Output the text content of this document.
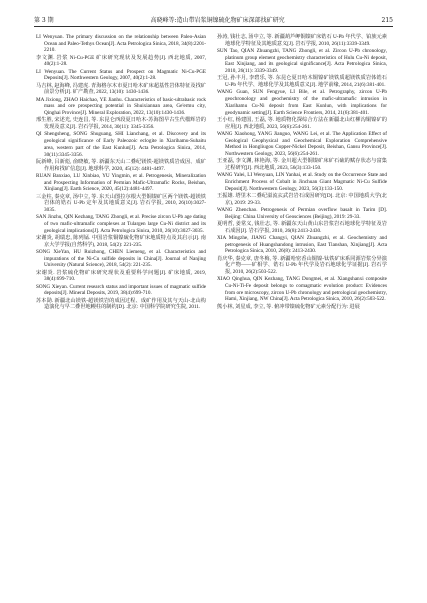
第 3 期	高晓峰等:造山带岩浆铜镍硫化物矿床深部找矿研究	215

LI Wenyuan. The primary discussion on the relationship between Paleo-Asian Ocean and Paleo-Tethys Ocean[J]. Acta Petrologica Sinica, 2018, 34(8):2201-2210.

李文渊. 岩浆 Ni-Cu-PGE 矿床研究现状及发展趋势[J]. 西北地质, 2007, 40(2):1-28.

LI Wenyuan. The Current Status and Prospect on Magmatic Ni-Cu-PGE Deposits[J]. Northwestern Geology, 2007, 40(2):1-28.

马吉林, 赵海峰, 冯建虎. 青海格尔木市夏日哈木矿床超基性岩体特征及找矿前景分析[J]. 矿产勘查, 2022, 13(10): 1430-1436.

MA Jixiong, ZHAO Haichao, YE Jianhu. Characteristics of basic-ultrabasic rock mass and ore prospecting potential in Shuixiannan area, Ge'ermu city, Qinghai Province[J]. Mineral Exploration, 2022, 13(10):1430-1436.

邢生胜, 宋述光, 史连昌, 等. 东昆仑西段夏日哈木-苏海图早古生代榴辉岩的发现及意义[J]. 岩石学报, 2014, 30(11): 3345-3356.

QI Shengsheng, SONG Shuguang, SHI Lianchang, et al. Discovery and its geological significance of Early Paleozoic eclogite in Xiarihamu-Suhaitu area, western part of the East Kunlun[J]. Acta Petrologica Sinica, 2014, 30(11):3345-3356.

阮新峰, 吕新彪, 俞晓敏, 等. 新疆东天山二叠纪镁铁-超镁铁质岩成因、成矿作用和找矿信息[J]. 地球科学, 2020, 45(12): 4481-4497.

RUAN Banxiao, LU Xinbiao, YU Yingmin, et al. Petrogenesis, Mineralization and Prospecting Information of Permian Mafic-Ultramafic Rocks, Beishan, Xinjiang[J]. Earth Science, 2020, 45(12):4481-4497.

三金柱, 秦克章, 汤中立, 等. 东天山图拉尔根大型铜镍矿区两个镁铁-超镁铁岩体的锆石 U-Pb 定年及其地质意义[J]. 岩石学报, 2010, 26(10):3027-3035.

SAN Jinzhu, QIN Kezhang, TANG Zhongli, et al. Precise zircon U-Pb age dating of two mafic-ultramafic complexes at Tulargen large Cu-Ni district and its geological implications[J]. Acta Petrologica Sinica, 2010, 26(10):3027-3035.

宋谢炎, 胡瑞忠, 陈列锰. 中国岩浆铜镍硫化物矿床地质特点及其启示[J]. 南京大学学报(自然科学), 2018, 54(2): 221-235.

SONG XieYan, HU Ruizhong, CHEN Liemeng, et al. Characteristics and impurations of the Ni-Cu sulfide deposits in China[J]. Journal of Nanjing University (Natural Science), 2018, 54(2): 221-235.

宋谢炎. 岩浆硫化物矿床研究现状及重要科学问题[J]. 矿床地质, 2019, 38(4):699-710.

SONG Xieyan. Current research status and important issues of magmatic sulfide deposits[J]. Mineral Deposits, 2019, 38(4):699-710.

苏本勋. 新疆北山镁铁-超镁铁岩的成因过程、成矿作用及其与天山-北山构造演化与早二叠世地幔柱的制约[D]. 北京: 中国科学院研究生院, 2011.

孙涛, 钱壮志, 汤中立, 等. 新疆葫芦岬铜镍矿床锆石 U-Pb 年代学、铂族元素地球化学特征及其地质意义[J]. 岩石学报, 2010, 26(11):3339-3349.

SUN Tao, QIAN Zhuangzhi, TANG Zhongli, et al. Zircon U-Pb chronology, platinum group element geochemistry characteristics of Hulu Cu-Ni deposit, East Xinjiang, and its geological significance[J]. Acta Petrologica Sinica, 2010, 26(11): 3339-3349.

王冠, 孙丰月, 李碧乐, 等. 东昆仑夏日哈木铜镍矿镁铁质超镁铁质岩体锆石 U-Pb 年代学、地球化学及其地质意义[J]. 地学前缘, 2014, 21(6):381-401.

WANG Guan, SUN Fengyue, LI Bile, et al. Petrography, zircon U-Pb geochronology and geochemistry of the mafic-ultramafic intrusion in Xiarihamu Cu-Ni deposit from East Kunlun, with implications for geodynamic setting[J]. Earth Science Frontiers, 2014, 21(6):381-401.

王小红, 杨建国, 王磊, 等. 地质物化探综合方法在新疆北山红柳沟铜镍矿的应用[J]. 西北地质, 2023, 56(6):254-261.

WANG Xiaohong, YANG Jianguo, WANG Lei, et al. The Application Effect of Geological Geophysical and Geochemical Exploration Comprehensive Method in Hongliugou Copper-Nickel Deposit, Beishan, Gansu Province[J]. Northwestern Geology, 2023, 56(6):254-261.

王亚磊, 李文渊, 林艳海, 等. 金川超大型铜镍矿床矿石硫的赋存状态与富集过程研究[J]. 西北地质, 2023, 56(3):133-150.

WANG Yalei, LI Wenyuan, LIN Yanhai, et al. Study on the Occurrence State and Enrichment Process of Cobalt in Jinchuan Giant Magmatic Ni-Cu Sulfide Deposit[J]. Northwestern Geology, 2023, 56(3):133-150.

王振雄. 塔里木二叠纪溢流玄武岩岩石成因研究[D]. 北京: 中国地质大学(北京), 2019: 29-33.

WANG Zhenchao. Petrogenesis of Permian overflow basalt in Tarim [D]. Beijing: China University of Geosciences (Beijing), 2019: 29-33.

夏明哲, 姜常义, 钱壮志, 等. 新疆东天山黄山东岩浆岩石地球化学特征及岩石成因[J]. 岩石学报, 2010, 26(8):2413-2430.

XIA Mingzhe, JIANG Changyi, QIAN Zhuangzhi, et al. Geochemistry and petrogenesis of Huangshandong intrusion, East Tianshan, Xinjiang[J]. Acta Petrologica Sinica, 2010, 26(8): 2413-2430.

肖庆华, 秦克章, 唐冬梅, 等. 新疆哈密香山铜镍-钛铁矿床系同源岩浆分异演化产物——矿相学、锆石 U-Pb 年代学及岩石地球化学证据[J]. 岩石学报, 2010, 26(2):503-522.

XIAO Qinghua, QIN Kezhang, TANG Dongmei, et al. Xiangshanxi composite Cu-Ni-Ti-Fe deposit belongs to comagmatic evolution product: Evidences from ore microscopy, zircon U-Pb chronology and petrological geochemistry, Hami, Xinjiang, NW China[J]. Acta Petrologica Sinica, 2010, 26(2):503-522.

熊小林, 刘星成, 李立, 等. 俯冲带镍硫化物矿元素分配行为: 进展
